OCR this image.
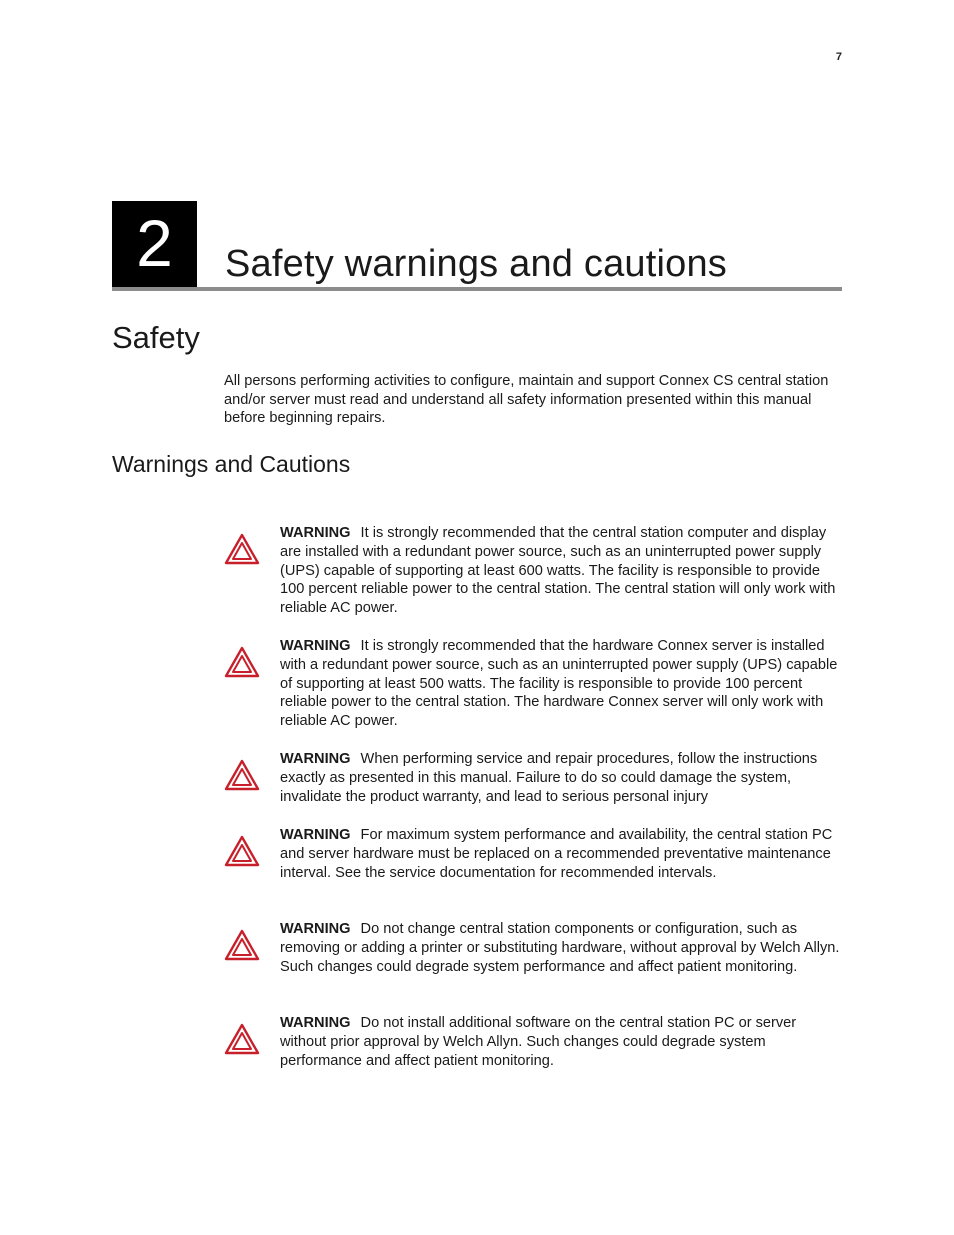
7
2	Safety warnings and cautions
Safety

All persons performing activities to configure, maintain and support Connex CS central station and/or server must read and understand all safety information presented within this manual before beginning repairs.

Warnings and Cautions

WARNING It is strongly recommended that the central station computer and display are installed with a redundant power source, such as an uninterrupted power supply (UPS) capable of supporting at least 600 watts. The facility is responsible to provide 100 percent reliable power to the central station. The central station will only work with reliable AC power.

WARNING It is strongly recommended that the hardware Connex server is installed with a redundant power source, such as an uninterrupted power supply (UPS) capable of supporting at least 500 watts. The facility is responsible to provide 100 percent reliable power to the central station. The hardware Connex server will only work with reliable AC power.

WARNING When performing service and repair procedures, follow the instructions exactly as presented in this manual. Failure to do so could damage the system, invalidate the product warranty, and lead to serious personal injury

WARNING For maximum system performance and availability, the central station PC and server hardware must be replaced on a recommended preventative maintenance interval. See the service documentation for recommended intervals.

WARNING Do not change central station components or configuration, such as removing or adding a printer or substituting hardware, without approval by Welch Allyn. Such changes could degrade system performance and affect patient monitoring.

WARNING Do not install additional software on the central station PC or server without prior approval by Welch Allyn. Such changes could degrade system performance and affect patient monitoring.
